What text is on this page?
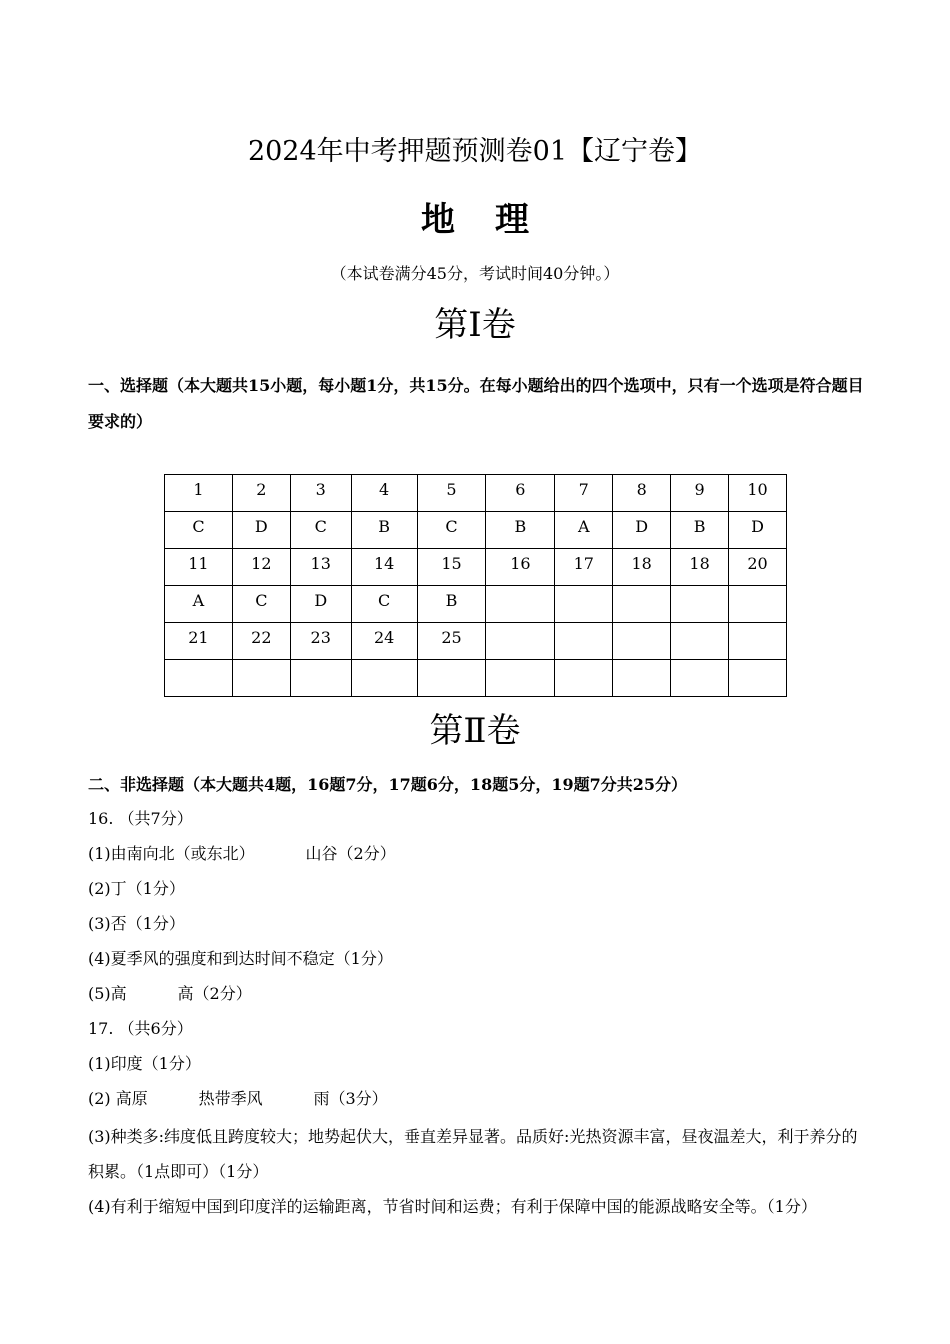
2024年中考押题预测卷01【辽宁卷】
地理
（本试卷满分45分，考试时间40分钟。）
第Ⅰ卷
一、选择题（本大题共15小题，每小题1分，共15分。在每小题给出的四个选项中，只有一个选项是符合题目要求的）
1	2	3	4	5	6	7	8	9	10
C	D	C	B	C	B	A	D	B	D
11	12	13	14	15	16	17	18	18	20
A	C	D	C	B					
21	22	23	24	25					

第Ⅱ卷
二、非选择题（本大题共4题，16题7分，17题6分，18题5分，19题7分共25分）
16. （共7分）
(1)由南向北（或东北）          山谷（2分）
(2)丁（1分）
(3)否（1分）
(4)夏季风的强度和到达时间不稳定（1分）
(5)高          高（2分）
17. （共6分）
(1)印度（1分）
(2) 高原          热带季风          雨（3分）
(3)种类多:纬度低且跨度较大；地势起伏大，垂直差异显著。品质好:光热资源丰富，昼夜温差大，利于养分的积累。（1点即可）（1分）
(4)有利于缩短中国到印度洋的运输距离，节省时间和运费；有利于保障中国的能源战略安全等。（1分）
